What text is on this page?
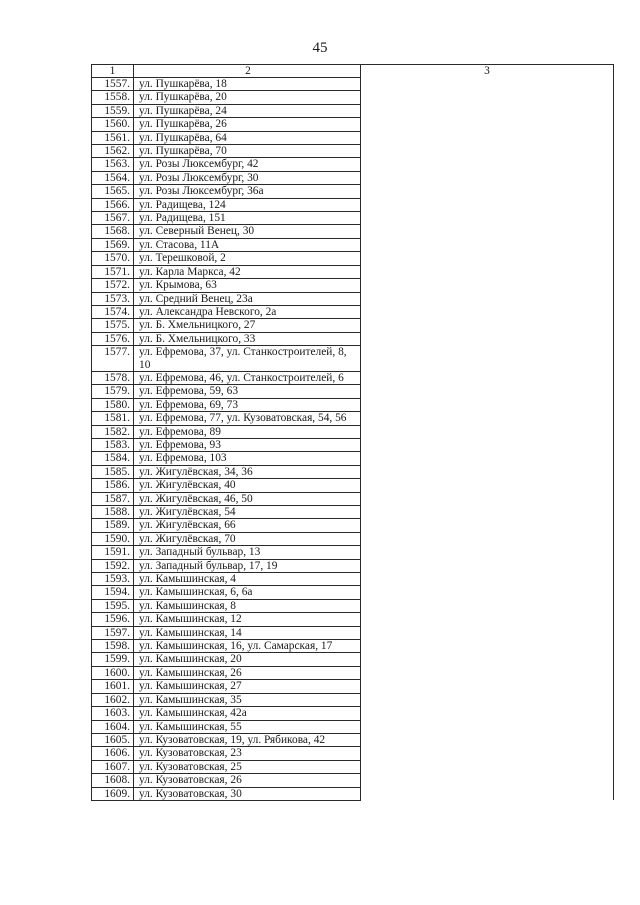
45
1	2	3
1557.	ул. Пушкарёва, 18	
1558.	ул. Пушкарёва, 20	
1559.	ул. Пушкарёва, 24	
1560.	ул. Пушкарёва, 26	
1561.	ул. Пушкарёва, 64	
1562.	ул. Пушкарёва, 70	
1563.	ул. Розы Люксембург, 42	
1564.	ул. Розы Люксембург, 30	
1565.	ул. Розы Люксембург, 36а	
1566.	ул. Радищева, 124	
1567.	ул. Радищева, 151	
1568.	ул. Северный Венец, 30	
1569.	ул. Стасова, 11А	
1570.	ул. Терешковой, 2	
1571.	ул. Карла Маркса, 42	
1572.	ул. Крымова, 63	
1573.	ул. Средний Венец, 23а	
1574.	ул. Александра Невского, 2а	
1575.	ул. Б. Хмельницкого, 27	
1576.	ул. Б. Хмельницкого, 33	
1577.	ул. Ефремова, 37, ул. Станкостроителей, 8, 10	
1578.	ул. Ефремова, 46, ул. Станкостроителей, 6	
1579.	ул. Ефремова, 59, 63	
1580.	ул. Ефремова, 69, 73	
1581.	ул. Ефремова, 77, ул. Кузоватовская, 54, 56	
1582.	ул. Ефремова, 89	
1583.	ул. Ефремова, 93	
1584.	ул. Ефремова, 103	
1585.	ул. Жигулёвская, 34, 36	
1586.	ул. Жигулёвская, 40	
1587.	ул. Жигулёвская, 46, 50	
1588.	ул. Жигулёвская, 54	
1589.	ул. Жигулёвская, 66	
1590.	ул. Жигулёвская, 70	
1591.	ул. Западный бульвар, 13	
1592.	ул. Западный бульвар, 17, 19	
1593.	ул. Камышинская, 4	
1594.	ул. Камышинская, 6, 6а	
1595.	ул. Камышинская, 8	
1596.	ул. Камышинская, 12	
1597.	ул. Камышинская, 14	
1598.	ул. Камышинская, 16, ул. Самарская, 17	
1599.	ул. Камышинская, 20	
1600.	ул. Камышинская, 26	
1601.	ул. Камышинская, 27	
1602.	ул. Камышинская, 35	
1603.	ул. Камышинская, 42а	
1604.	ул. Камышинская, 55	
1605.	ул. Кузоватовская, 19, ул. Рябикова, 42	
1606.	ул. Кузоватовская, 23	
1607.	ул. Кузоватовская, 25	
1608.	ул. Кузоватовская, 26	
1609.	ул. Кузоватовская, 30	
